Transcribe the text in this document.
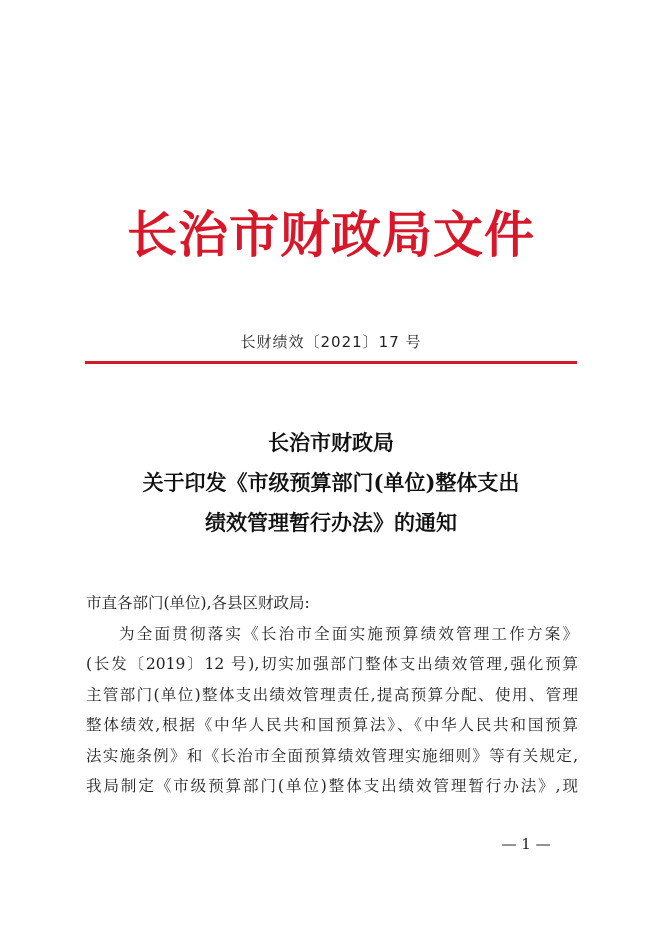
长治市财政局文件
长财绩效〔2021〕17 号
长治市财政局
关于印发《市级预算部门(单位)整体支出
绩效管理暂行办法》的通知

市直各部门(单位),各县区财政局:

为全面贯彻落实《长治市全面实施预算绩效管理工作方案》

(长发〔2019〕12 号),切实加强部门整体支出绩效管理,强化预算

主管部门(单位)整体支出绩效管理责任,提高预算分配、使用、管理

整体绩效,根据《中华人民共和国预算法》、《中华人民共和国预算

法实施条例》和《长治市全面预算绩效管理实施细则》等有关规定,

我局制定《市级预算部门(单位)整体支出绩效管理暂行办法》,现

— 1 —
